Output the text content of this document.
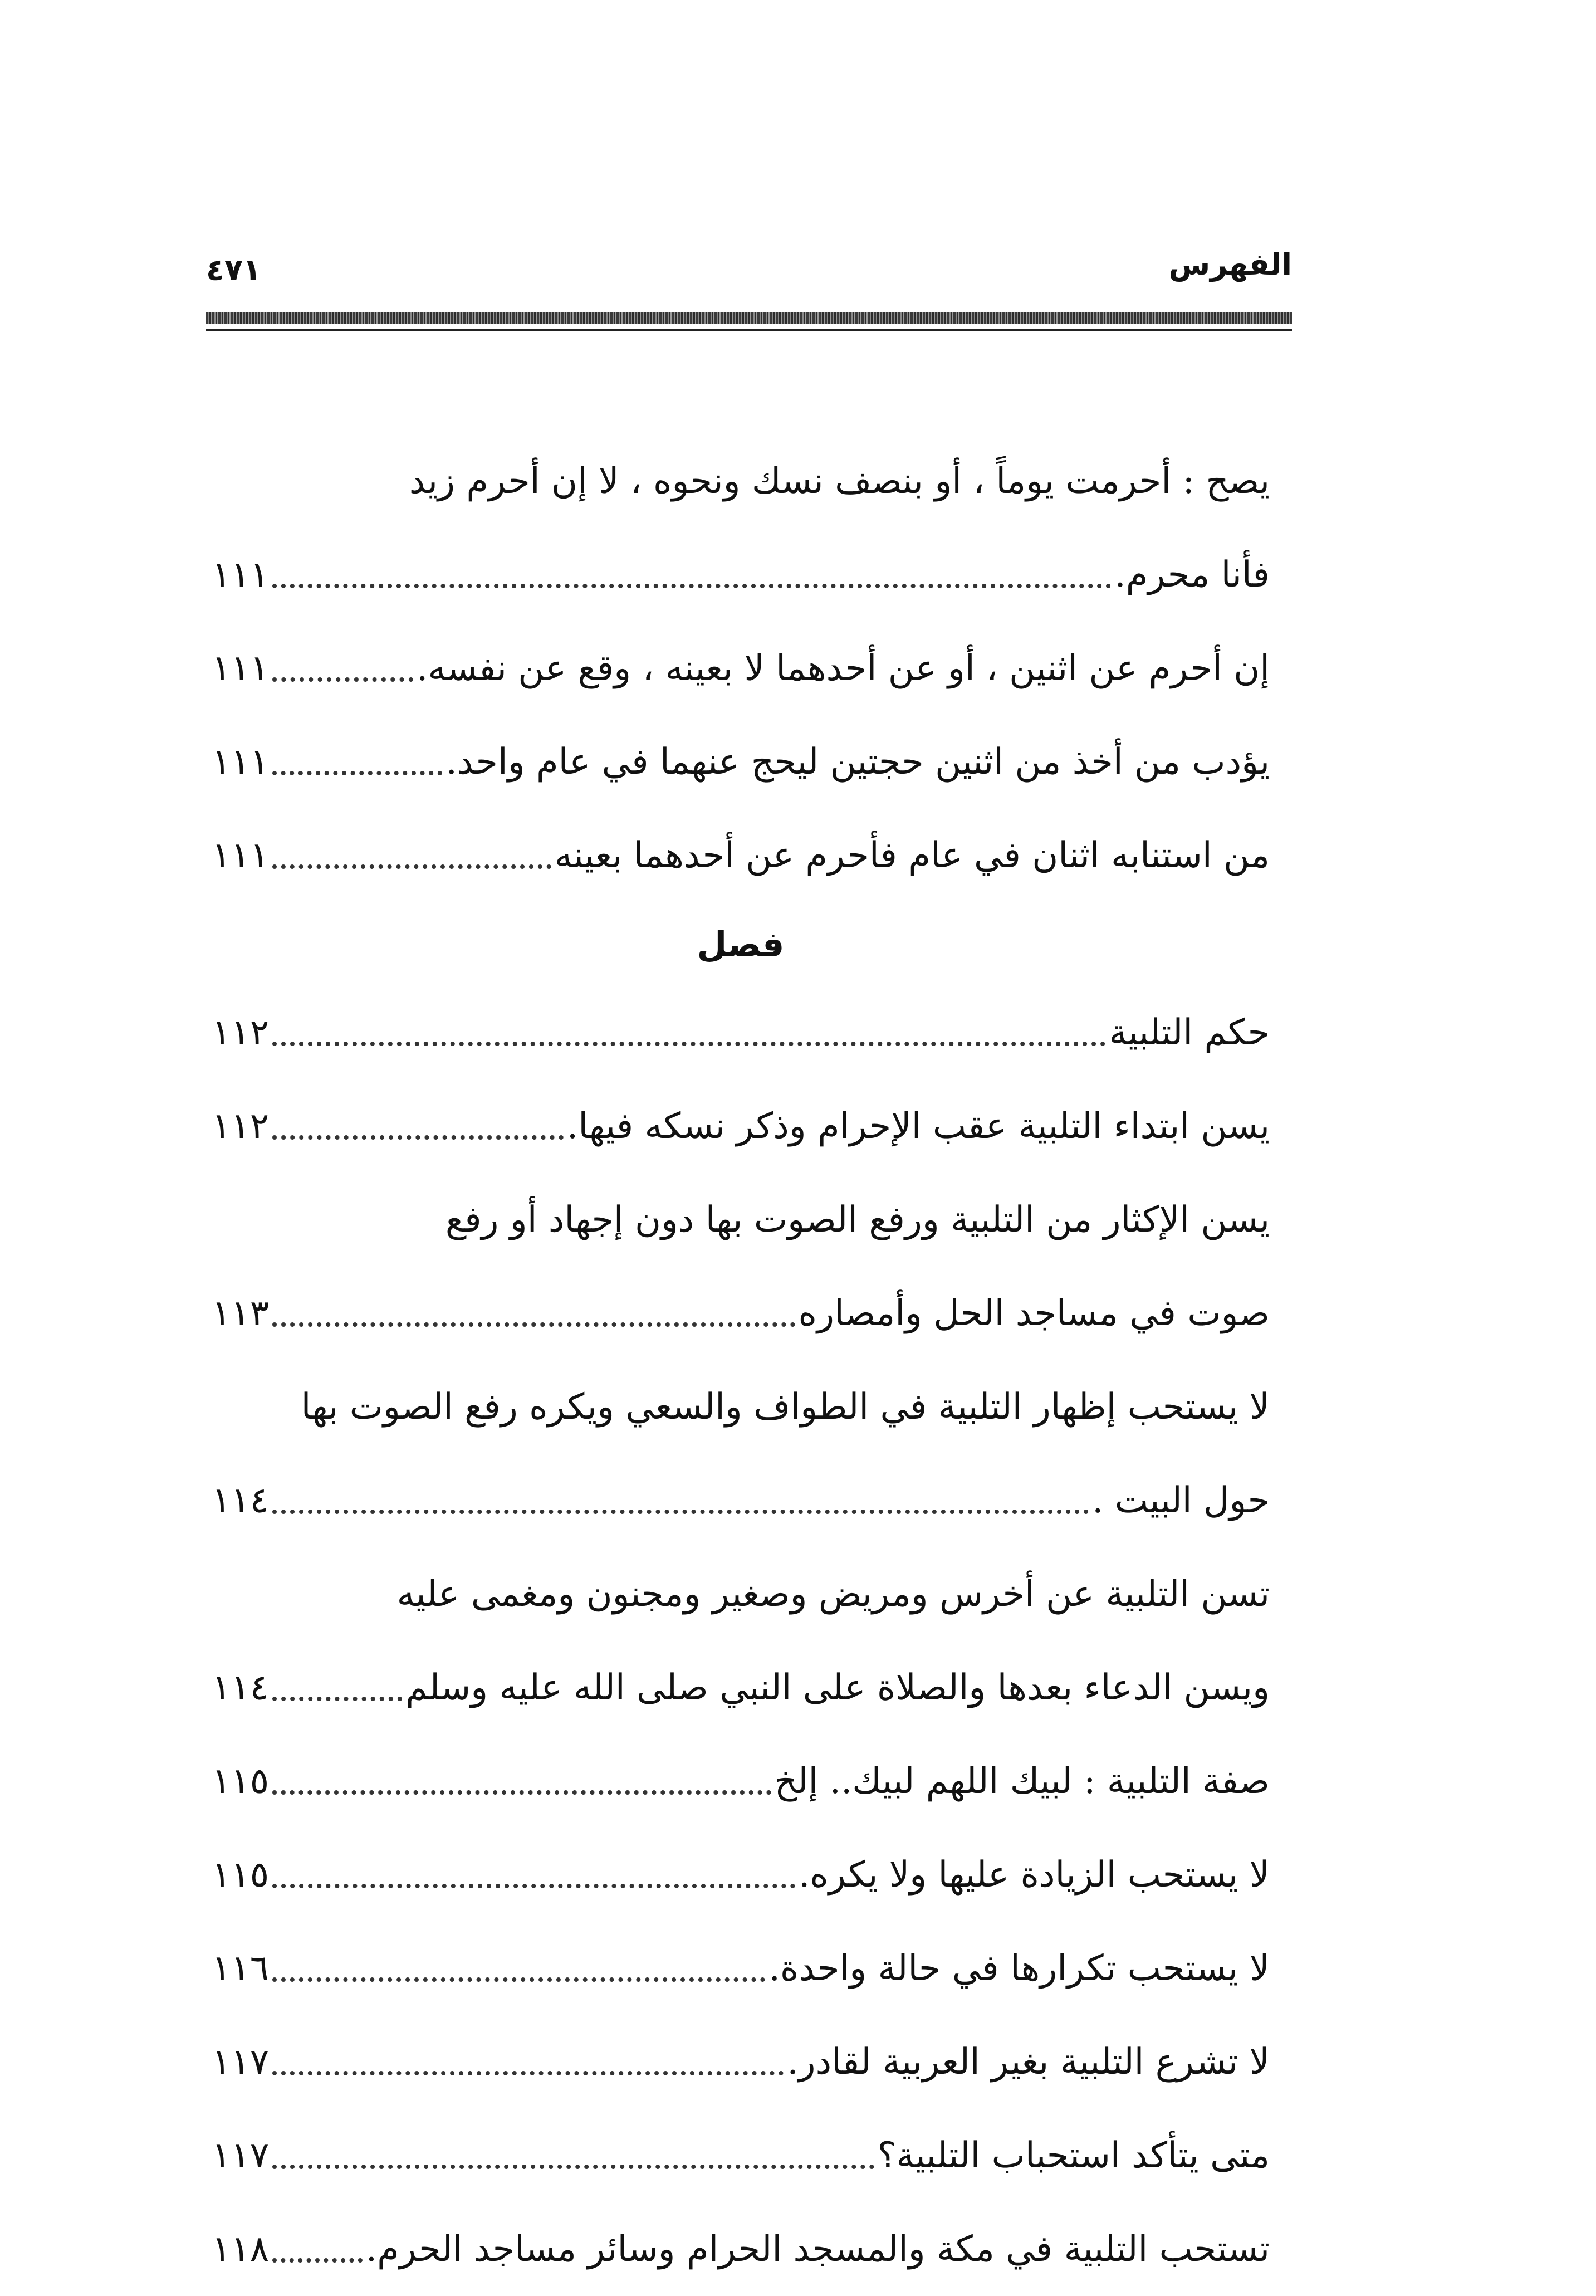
الفهرس
٤٧١
يصح : أحرمت يوماً ، أو بنصف نسك ونحوه ، لا إن أحرم زيد
فأنا محرم.
١١١
إن أحرم عن اثنين ، أو عن أحدهما لا بعينه ، وقع عن نفسه.
١١١
يؤدب من أخذ من اثنين حجتين ليحج عنهما في عام واحد.
١١١
من استنابه اثنان في عام فأحرم عن أحدهما بعينه
١١١
فصل
حكم التلبية
١١٢
يسن ابتداء التلبية عقب الإحرام وذكر نسكه فيها.
١١٢
يسن الإكثار من التلبية ورفع الصوت بها دون إجهاد أو رفع
صوت في مساجد الحل وأمصاره
١١٣
لا يستحب إظهار التلبية في الطواف والسعي ويكره رفع الصوت بها
حول البيت .
١١٤
تسن التلبية عن أخرس ومريض وصغير ومجنون ومغمى عليه
ويسن الدعاء بعدها والصلاة على النبي صلى الله عليه وسلم
١١٤
صفة التلبية : لبيك اللهم لبيك.. إلخ
١١٥
لا يستحب الزيادة عليها ولا يكره.
١١٥
لا يستحب تكرارها في حالة واحدة.
١١٦
لا تشرع التلبية بغير العربية لقادر.
١١٧
متى يتأكد استحباب التلبية؟
١١٧
تستحب التلبية في مكة والمسجد الحرام وسائر مساجد الحرم.
١١٨
